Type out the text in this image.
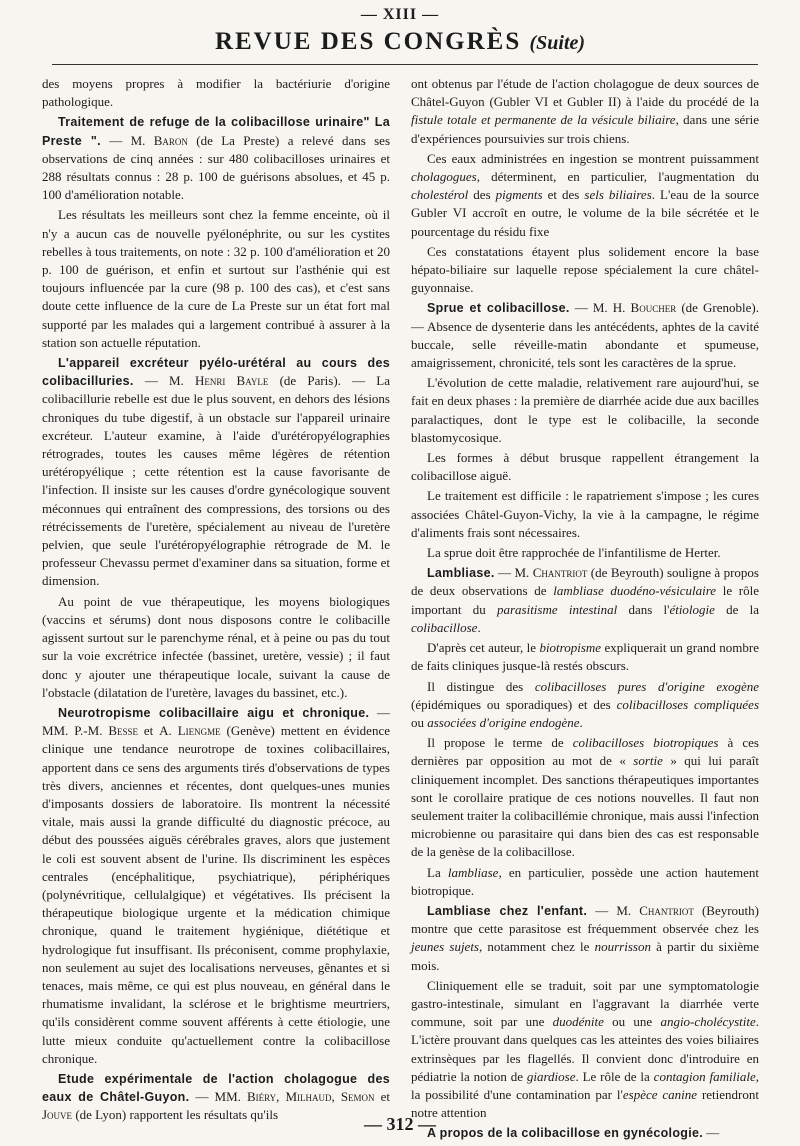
— XIII —
REVUE DES CONGRÈS (Suite)

des moyens propres à modifier la bactériurie d'origine pathologique.

Traitement de refuge de la colibacillose urinaire" La Preste ". — M. Baron (de La Preste) a relevé dans ses observations de cinq années : sur 480 colibacilloses urinaires et 288 résultats connus : 28 p. 100 de guérisons absolues, et 45 p. 100 d'amélioration notable.

Les résultats les meilleurs sont chez la femme enceinte, où il n'y a aucun cas de nouvelle pyélonéphrite, ou sur les cystites rebelles à tous traitements, on note : 32 p. 100 d'amélioration et 20 p. 100 de guérison, et enfin et surtout sur l'asthénie qui est toujours influencée par la cure (98 p. 100 des cas), et c'est sans doute cette influence de la cure de La Preste sur un état fort mal supporté par les malades qui a largement contribué à assurer à la station son actuelle réputation.

L'appareil excréteur pyélo-urétéral au cours des colibacilluries. — M. Henri Bayle (de Paris). — La colibacillurie rebelle est due le plus souvent, en dehors des lésions chroniques du tube digestif, à un obstacle sur l'appareil urinaire excréteur. L'auteur examine, à l'aide d'urétéropyélographies rétrogrades, toutes les causes même légères de rétention urétéropyélique ; cette rétention est la cause favorisante de l'infection. Il insiste sur les causes d'ordre gynécologique souvent méconnues qui entraînent des compressions, des torsions ou des rétrécissements de l'uretère, spécialement au niveau de l'uretère pelvien, que seule l'urétéropyélographie rétrograde de M. le professeur Chevassu permet d'examiner dans sa situation, forme et dimension.

Au point de vue thérapeutique, les moyens biologiques (vaccins et sérums) dont nous disposons contre le colibacille agissent surtout sur le parenchyme rénal, et à peine ou pas du tout sur la voie excrétrice infectée (bassinet, uretère, vessie) ; il faut donc y ajouter une thérapeutique locale, suivant la cause de l'obstacle (dilatation de l'uretère, lavages du bassinet, etc.).

Neurotropisme colibacillaire aigu et chronique. — MM. P.-M. Besse et A. Liengme (Genève) mettent en évidence clinique une tendance neurotrope de toxines colibacillaires, apportent dans ce sens des arguments tirés d'observations de types très divers, anciennes et récentes, dont quelques-unes munies d'imposants dossiers de laboratoire. Ils montrent la nécessité vitale, mais aussi la grande difficulté du diagnostic précoce, au début des poussées aiguës cérébrales graves, alors que justement le coli est souvent absent de l'urine. Ils discriminent les espèces centrales (encéphalitique, psychiatrique), périphériques (polynévritique, cellulalgique) et végétatives. Ils précisent la thérapeutique biologique urgente et la médication chimique chronique, quand le traitement hygiénique, diététique et hydrologique fut insuffisant. Ils préconisent, comme prophylaxie, non seulement au sujet des localisations nerveuses, gênantes et si tenaces, mais même, ce qui est plus nouveau, en général dans le rhumatisme invalidant, la sclérose et le brightisme meurtriers, qu'ils considèrent comme souvent afférents à cette étiologie, une lutte mieux conduite qu'actuellement contre la colibacillose chronique.

Etude expérimentale de l'action cholagogue des eaux de Châtel-Guyon. — MM. Biéry, Milhaud, Semon et Jouve (de Lyon) rapportent les résultats qu'ils

ont obtenus par l'étude de l'action cholagogue de deux sources de Châtel-Guyon (Gubler VI et Gubler II) à l'aide du procédé de la fistule totale et permanente de la vésicule biliaire, dans une série d'expériences poursuivies sur trois chiens.

Ces eaux administrées en ingestion se montrent puissamment cholagogues, déterminent, en particulier, l'augmentation du cholestérol des pigments et des sels biliaires. L'eau de la source Gubler VI accroît en outre, le volume de la bile sécrétée et le pourcentage du résidu fixe

Ces constatations étayent plus solidement encore la base hépato-biliaire sur laquelle repose spécialement la cure châtel-guyonnaise.

Sprue et colibacillose. — M. H. Boucher (de Grenoble). — Absence de dysenterie dans les antécédents, aphtes de la cavité buccale, selle réveille-matin abondante et spumeuse, amaigrissement, chronicité, tels sont les caractères de la sprue.

L'évolution de cette maladie, relativement rare aujourd'hui, se fait en deux phases : la première de diarrhée acide due aux bacilles paralactiques, dont le type est le colibacille, la seconde blastomycosique.

Les formes à début brusque rappellent étrangement la colibacillose aiguë.

Le traitement est difficile : le rapatriement s'impose ; les cures associées Châtel-Guyon-Vichy, la vie à la campagne, le régime d'aliments frais sont nécessaires.

La sprue doit être rapprochée de l'infantilisme de Herter.

Lambliase. — M. Chantriot (de Beyrouth) souligne à propos de deux observations de lambliase duodéno-vésiculaire le rôle important du parasitisme intestinal dans l'étiologie de la colibacillose.

D'après cet auteur, le biotropisme expliquerait un grand nombre de faits cliniques jusque-là restés obscurs.

Il distingue des colibacilloses pures d'origine exogène (épidémiques ou sporadiques) et des colibacilloses compliquées ou associées d'origine endogène.

Il propose le terme de colibacilloses biotropiques à ces dernières par opposition au mot de « sortie » qui lui paraît cliniquement incomplet. Des sanctions thérapeutiques importantes sont le corollaire pratique de ces notions nouvelles. Il faut non seulement traiter la colibacillémie chronique, mais aussi l'infection microbienne ou parasitaire qui dans bien des cas est responsable de la genèse de la colibacillose.

La lambliase, en particulier, possède une action hautement biotropique.

Lambliase chez l'enfant. — M. Chantriot (Beyrouth) montre que cette parasitose est fréquemment observée chez les jeunes sujets, notamment chez le nourrisson à partir du sixième mois.

Cliniquement elle se traduit, soit par une symptomatologie gastro-intestinale, simulant en l'aggravant la diarrhée verte commune, soit par une duodénite ou une angio-cholécystite. L'ictère prouvant dans quelques cas les atteintes des voies biliaires extrinsèques par les flagellés. Il convient donc d'introduire en pédiatrie la notion de giardiose. Le rôle de la contagion familiale, la possibilité d'une contamination par l'espèce canine retiendront notre attention

A propos de la colibacillose en gynécologie. —

— 312 —
